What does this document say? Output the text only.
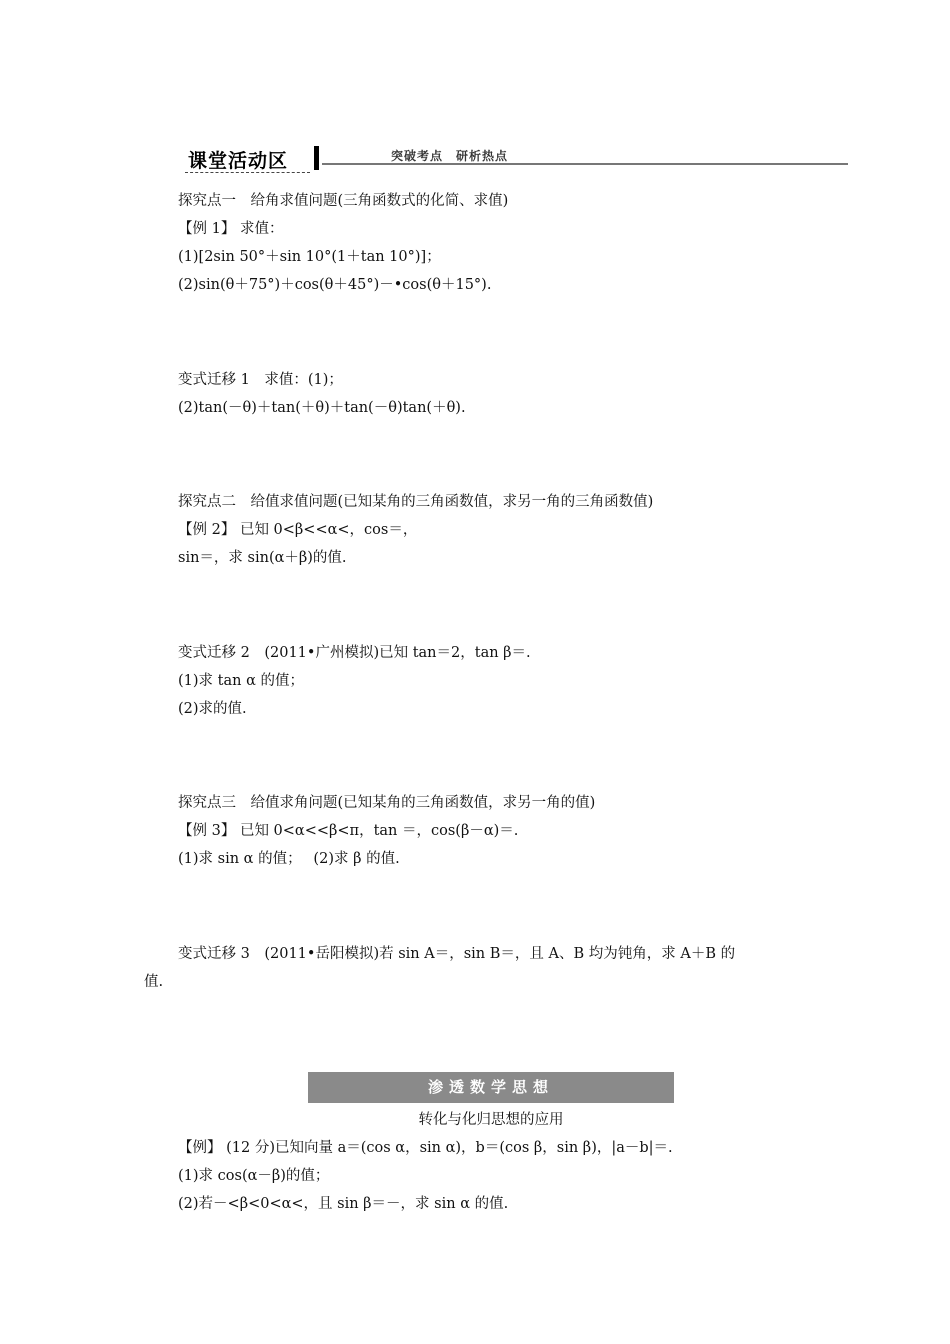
课堂活动区	突破考点　研析热点
探究点一　给角求值问题(三角函数式的化简、求值)
【例 1】 求值：
(1)[2sin 50°＋sin 10°(1＋tan 10°)]；
(2)sin(θ＋75°)＋cos(θ＋45°)－•cos(θ＋15°).
变式迁移 1　求值：(1)；
(2)tan(－θ)＋tan(＋θ)＋tan(－θ)tan(＋θ).
探究点二　给值求值问题(已知某角的三角函数值，求另一角的三角函数值)
【例 2】 已知 0<β<<α<，cos＝，
sin＝，求 sin(α＋β)的值.
变式迁移 2　(2011•广州模拟)已知 tan＝2，tan β＝.
(1)求 tan α 的值；
(2)求的值.
探究点三　给值求角问题(已知某角的三角函数值，求另一角的值)
【例 3】 已知 0<α<<β<π，tan ＝，cos(β－α)＝.
(1)求 sin α 的值；　 (2)求 β 的值.
变式迁移 3　(2011•岳阳模拟)若 sin A＝，sin B＝，且 A、B 均为钝角，求 A＋B 的
值.
渗透数学思想
转化与化归思想的应用
【例】 (12 分)已知向量 a＝(cos α，sin α)，b＝(cos β，sin β)，|a－b|＝.
(1)求 cos(α－β)的值；
(2)若－<β<0<α<，且 sin β＝－，求 sin α 的值.
